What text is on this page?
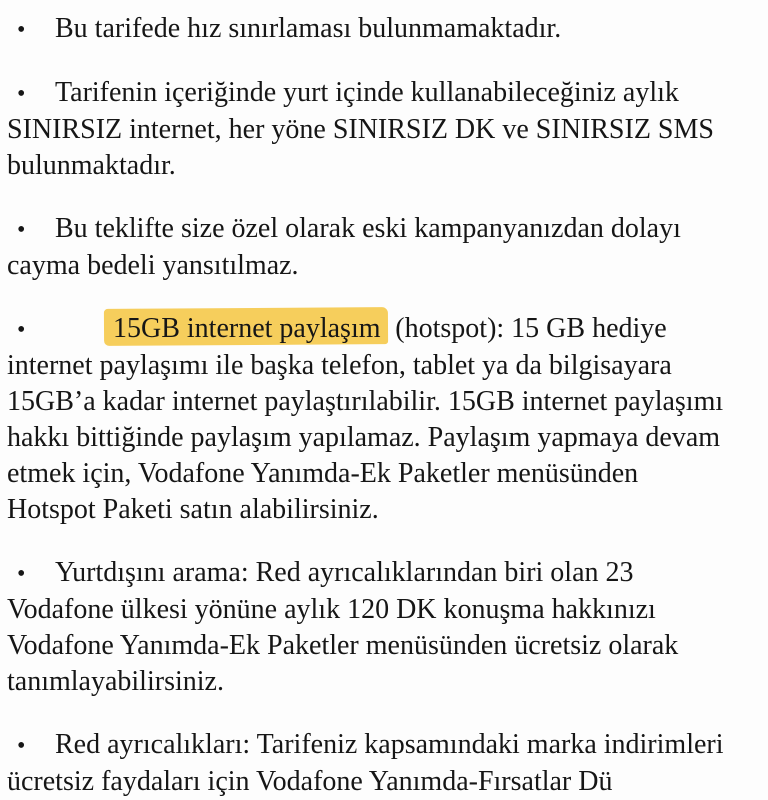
• Bu tarifede hız sınırlaması bulunmamaktadır.
• Tarifenin içeriğinde yurt içinde kullanabileceğiniz aylık
SINIRSIZ internet, her yöne SINIRSIZ DK ve SINIRSIZ SMS
bulunmaktadır.
• Bu teklifte size özel olarak eski kampanyanızdan dolayı
cayma bedeli yansıtılmaz.
•	15GB internet paylaşımı (hotspot): 15 GB hediye
internet paylaşımı ile başka telefon, tablet ya da bilgisayara
15GB’a kadar internet paylaştırılabilir. 15GB internet paylaşımı
hakkı bittiğinde paylaşım yapılamaz. Paylaşım yapmaya devam
etmek için, Vodafone Yanımda-Ek Paketler menüsünden
Hotspot Paketi satın alabilirsiniz.
• Yurtdışını arama: Red ayrıcalıklarından biri olan 23
Vodafone ülkesi yönüne aylık 120 DK konuşma hakkınızı
Vodafone Yanımda-Ek Paketler menüsünden ücretsiz olarak
tanımlayabilirsiniz.
• Red ayrıcalıkları: Tarifeniz kapsamındaki marka indirimleri
ücretsiz faydaları için Vodafone Yanımda-Fırsatlar Dü
